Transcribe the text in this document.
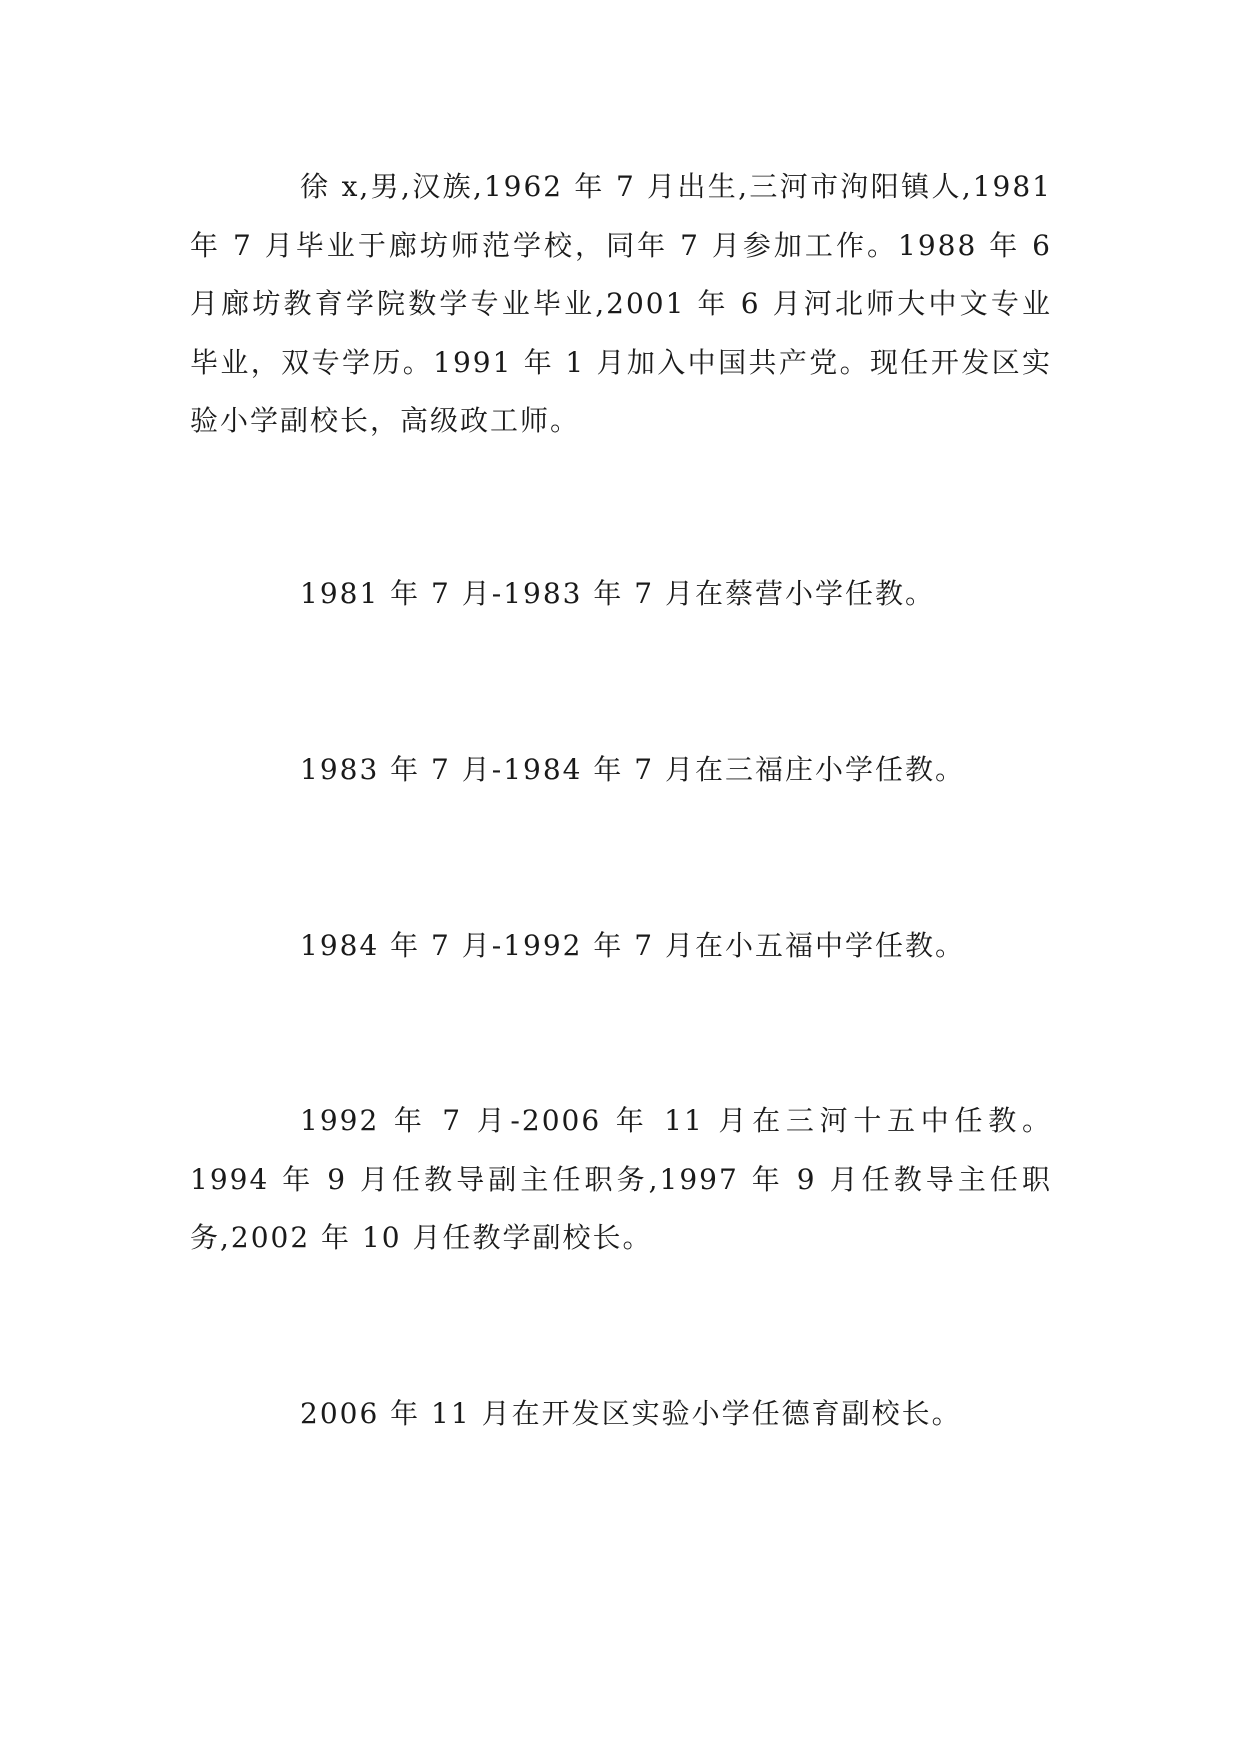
徐 x,男,汉族,1962 年 7 月出生,三河市泃阳镇人,1981 年 7 月毕业于廊坊师范学校，同年 7 月参加工作。1988 年 6 月廊坊教育学院数学专业毕业,2001 年 6 月河北师大中文专业毕业，双专学历。1991 年 1 月加入中国共产党。现任开发区实验小学副校长，高级政工师。

1981 年 7 月-1983 年 7 月在蔡营小学任教。

1983 年 7 月-1984 年 7 月在三福庄小学任教。

1984 年 7 月-1992 年 7 月在小五福中学任教。

1992 年 7 月-2006 年 11 月在三河十五中任教。1994 年 9 月任教导副主任职务,1997 年 9 月任教导主任职务,2002 年 10 月任教学副校长。

2006 年 11 月在开发区实验小学任德育副校长。
